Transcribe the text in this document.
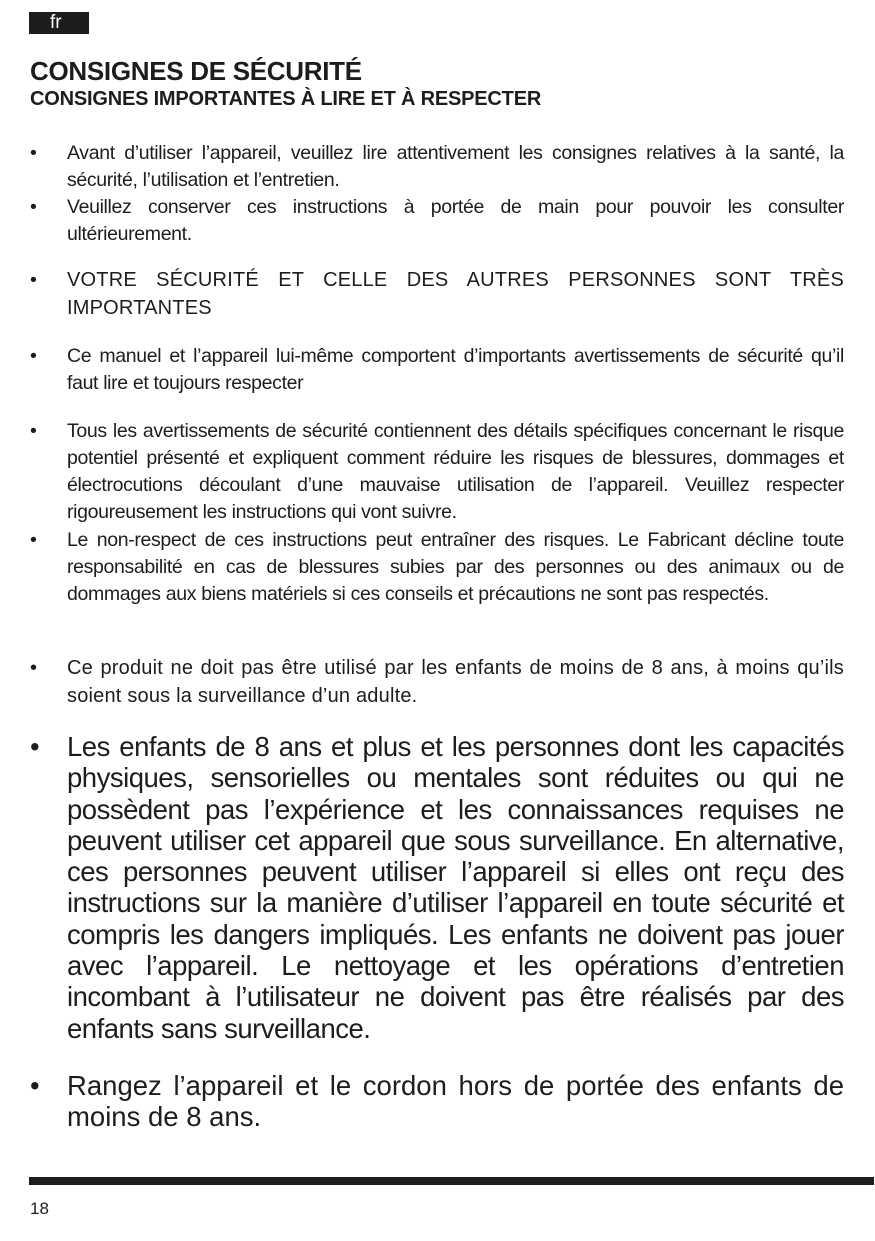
fr
CONSIGNES DE SÉCURITÉ
CONSIGNES IMPORTANTES À LIRE ET À RESPECTER
•	Avant d’utiliser l’appareil, veuillez lire attentivement les consignes relatives à la santé, la sécurité, l’utilisation et l’entretien.

•	Veuillez conserver ces instructions à portée de main pour pouvoir les consulter ultérieurement.

•	VOTRE SÉCURITÉ ET CELLE DES AUTRES PERSONNES SONT TRÈS IMPORTANTES

•	Ce manuel et l’appareil lui-même comportent d’importants avertissements de sécurité qu’il faut lire et toujours respecter

•	Tous les avertissements de sécurité contiennent des détails spécifiques concernant le risque potentiel présenté et expliquent comment réduire les risques de blessures, dommages et électrocutions découlant d’une mauvaise utilisation de l’appareil. Veuillez respecter rigoureusement les instructions qui vont suivre.

•	Le non-respect de ces instructions peut entraîner des risques. Le Fabricant décline toute responsabilité en cas de blessures subies par des personnes ou des animaux ou de dommages aux biens matériels si ces conseils et précautions ne sont pas respectés.

•	Ce produit ne doit pas être utilisé par les enfants de moins de 8 ans, à moins qu’ils soient sous la surveillance d’un adulte.

•	Les enfants de 8 ans et plus et les personnes dont les capacités physiques, sensorielles ou mentales sont réduites ou qui ne possèdent pas l’expérience et les connaissances requises ne peuvent utiliser cet appareil que sous surveillance. En alternative, ces personnes peuvent utiliser l’appareil si elles ont reçu des instructions sur la manière d’utiliser l’appareil en toute sécurité et compris les dangers impliqués. Les enfants ne doivent pas jouer avec l’appareil. Le nettoyage et les opérations d’entretien incombant à l’utilisateur ne doivent pas être réalisés par des enfants sans surveillance.

• Rangez l’appareil et le cordon hors de portée des enfants de moins de 8 ans.

18
